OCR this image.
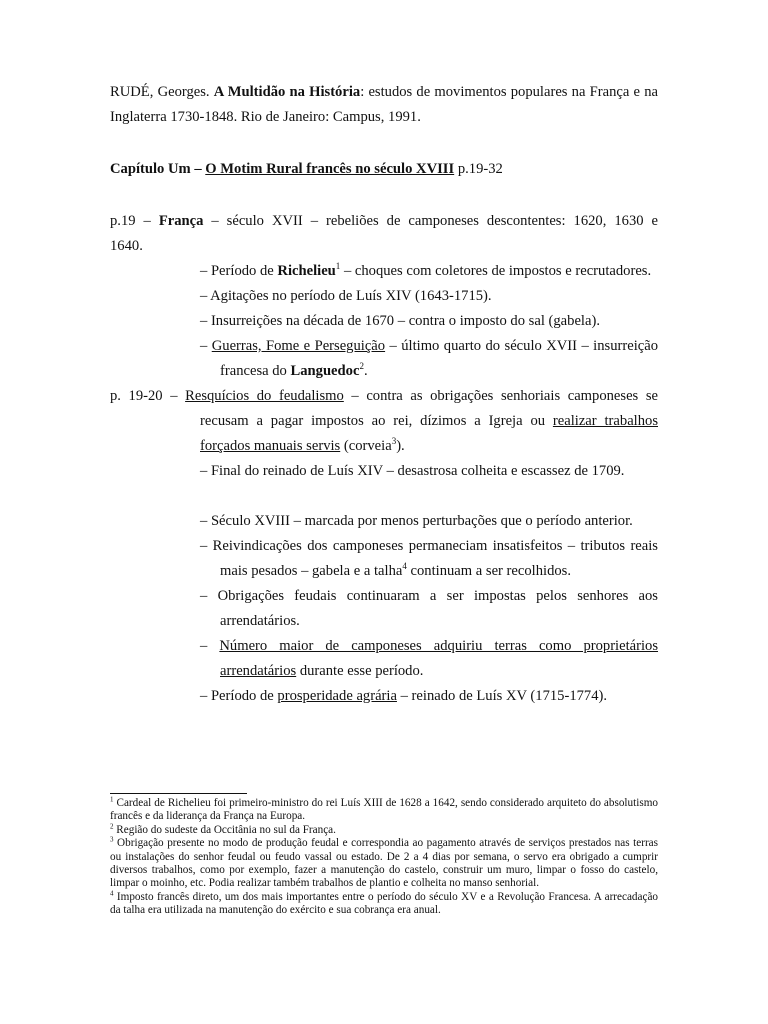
RUDÉ, Georges. A Multidão na História: estudos de movimentos populares na França e na Inglaterra 1730-1848. Rio de Janeiro: Campus, 1991.

Capítulo Um – O Motim Rural francês no século XVIII p.19-32

p.19 – França – século XVII – rebeliões de camponeses descontentes: 1620, 1630 e

1640.

– Período de Richelieu$^1$ – choques com coletores de impostos e recrutadores.

– Agitações no período de Luís XIV (1643-1715).

– Insurreições na década de 1670 – contra o imposto do sal (gabela).

– Guerras, Fome e Perseguição – último quarto do século XVII – insurreição francesa do Languedoc$^2$.

p. 19-20 – Resquícios do feudalismo – contra as obrigações senhoriais camponeses se

recusam a pagar impostos ao rei, dízimos a Igreja ou realizar trabalhos forçados manuais servis (corveia$^3$).

– Final do reinado de Luís XIV – desastrosa colheita e escassez de 1709.

– Século XVIII – marcada por menos perturbações que o período anterior.

– Reivindicações dos camponeses permaneciam insatisfeitos – tributos reais mais pesados – gabela e a talha$^4$ continuam a ser recolhidos.

– Obrigações feudais continuaram a ser impostas pelos senhores aos arrendatários.

– Número maior de camponeses adquiriu terras como proprietários arrendatários durante esse período.

– Período de prosperidade agrária – reinado de Luís XV (1715-1774).

$^1$ Cardeal de Richelieu foi primeiro-ministro do rei Luís XIII de 1628 a 1642, sendo considerado arquiteto do absolutismo francês e da liderança da França na Europa.

$^2$ Região do sudeste da Occitânia no sul da França.

$^3$ Obrigação presente no modo de produção feudal e correspondia ao pagamento através de serviços prestados nas terras ou instalações do senhor feudal ou feudo vassal ou estado. De 2 a 4 dias por semana, o servo era obrigado a cumprir diversos trabalhos, como por exemplo, fazer a manutenção do castelo, construir um muro, limpar o fosso do castelo, limpar o moinho, etc. Podia realizar também trabalhos de plantio e colheita no manso senhorial.

$^4$ Imposto francês direto, um dos mais importantes entre o período do século XV e a Revolução Francesa. A arrecadação da talha era utilizada na manutenção do exército e sua cobrança era anual.
